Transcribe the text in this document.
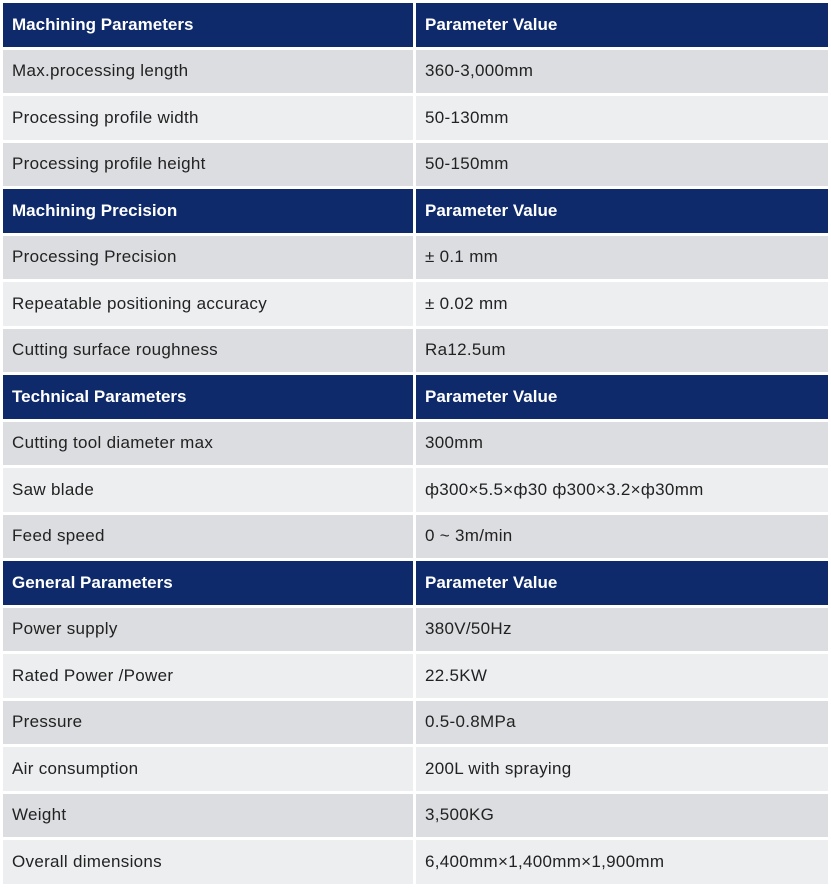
Machining Parameters	Parameter Value
Max.processing length	360-3,000mm
Processing profile width	50-130mm
Processing profile height	50-150mm
Machining Precision	Parameter Value
Processing Precision	± 0.1 mm
Repeatable positioning accuracy	± 0.02 mm
Cutting surface roughness	Ra12.5um
Technical Parameters	Parameter Value
Cutting tool diameter max	300mm
Saw blade	ф300×5.5×ф30 ф300×3.2×ф30mm
Feed speed	0 ~ 3m/min
General Parameters	Parameter Value
Power supply	380V/50Hz
Rated Power /Power	22.5KW
Pressure	0.5-0.8MPa
Air consumption	200L with spraying
Weight	3,500KG
Overall dimensions	6,400mm×1,400mm×1,900mm
